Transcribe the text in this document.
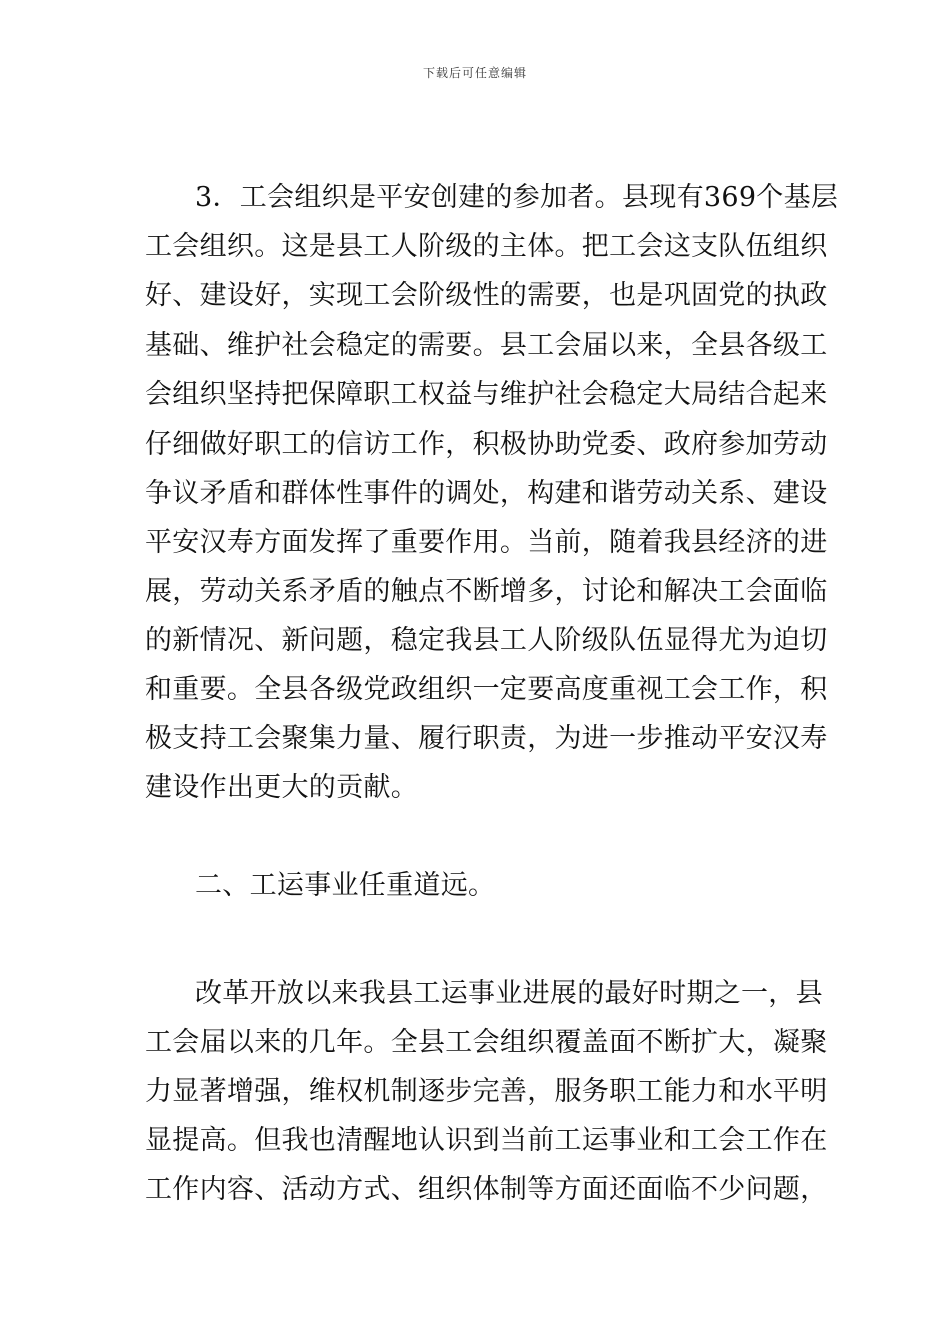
下载后可任意编辑
3．工会组织是平安创建的参加者。县现有369个基层
工会组织。这是县工人阶级的主体。把工会这支队伍组织
好、建设好，实现工会阶级性的需要，也是巩固党的执政
基础、维护社会稳定的需要。县工会届以来，全县各级工
会组织坚持把保障职工权益与维护社会稳定大局结合起来
仔细做好职工的信访工作，积极协助党委、政府参加劳动
争议矛盾和群体性事件的调处，构建和谐劳动关系、建设
平安汉寿方面发挥了重要作用。当前，随着我县经济的进
展，劳动关系矛盾的触点不断增多，讨论和解决工会面临
的新情况、新问题，稳定我县工人阶级队伍显得尤为迫切
和重要。全县各级党政组织一定要高度重视工会工作，积
极支持工会聚集力量、履行职责，为进一步推动平安汉寿
建设作出更大的贡献。
二、工运事业任重道远。
改革开放以来我县工运事业进展的最好时期之一，县
工会届以来的几年。全县工会组织覆盖面不断扩大，凝聚
力显著增强，维权机制逐步完善，服务职工能力和水平明
显提高。但我也清醒地认识到当前工运事业和工会工作在
工作内容、活动方式、组织体制等方面还面临不少问题，
